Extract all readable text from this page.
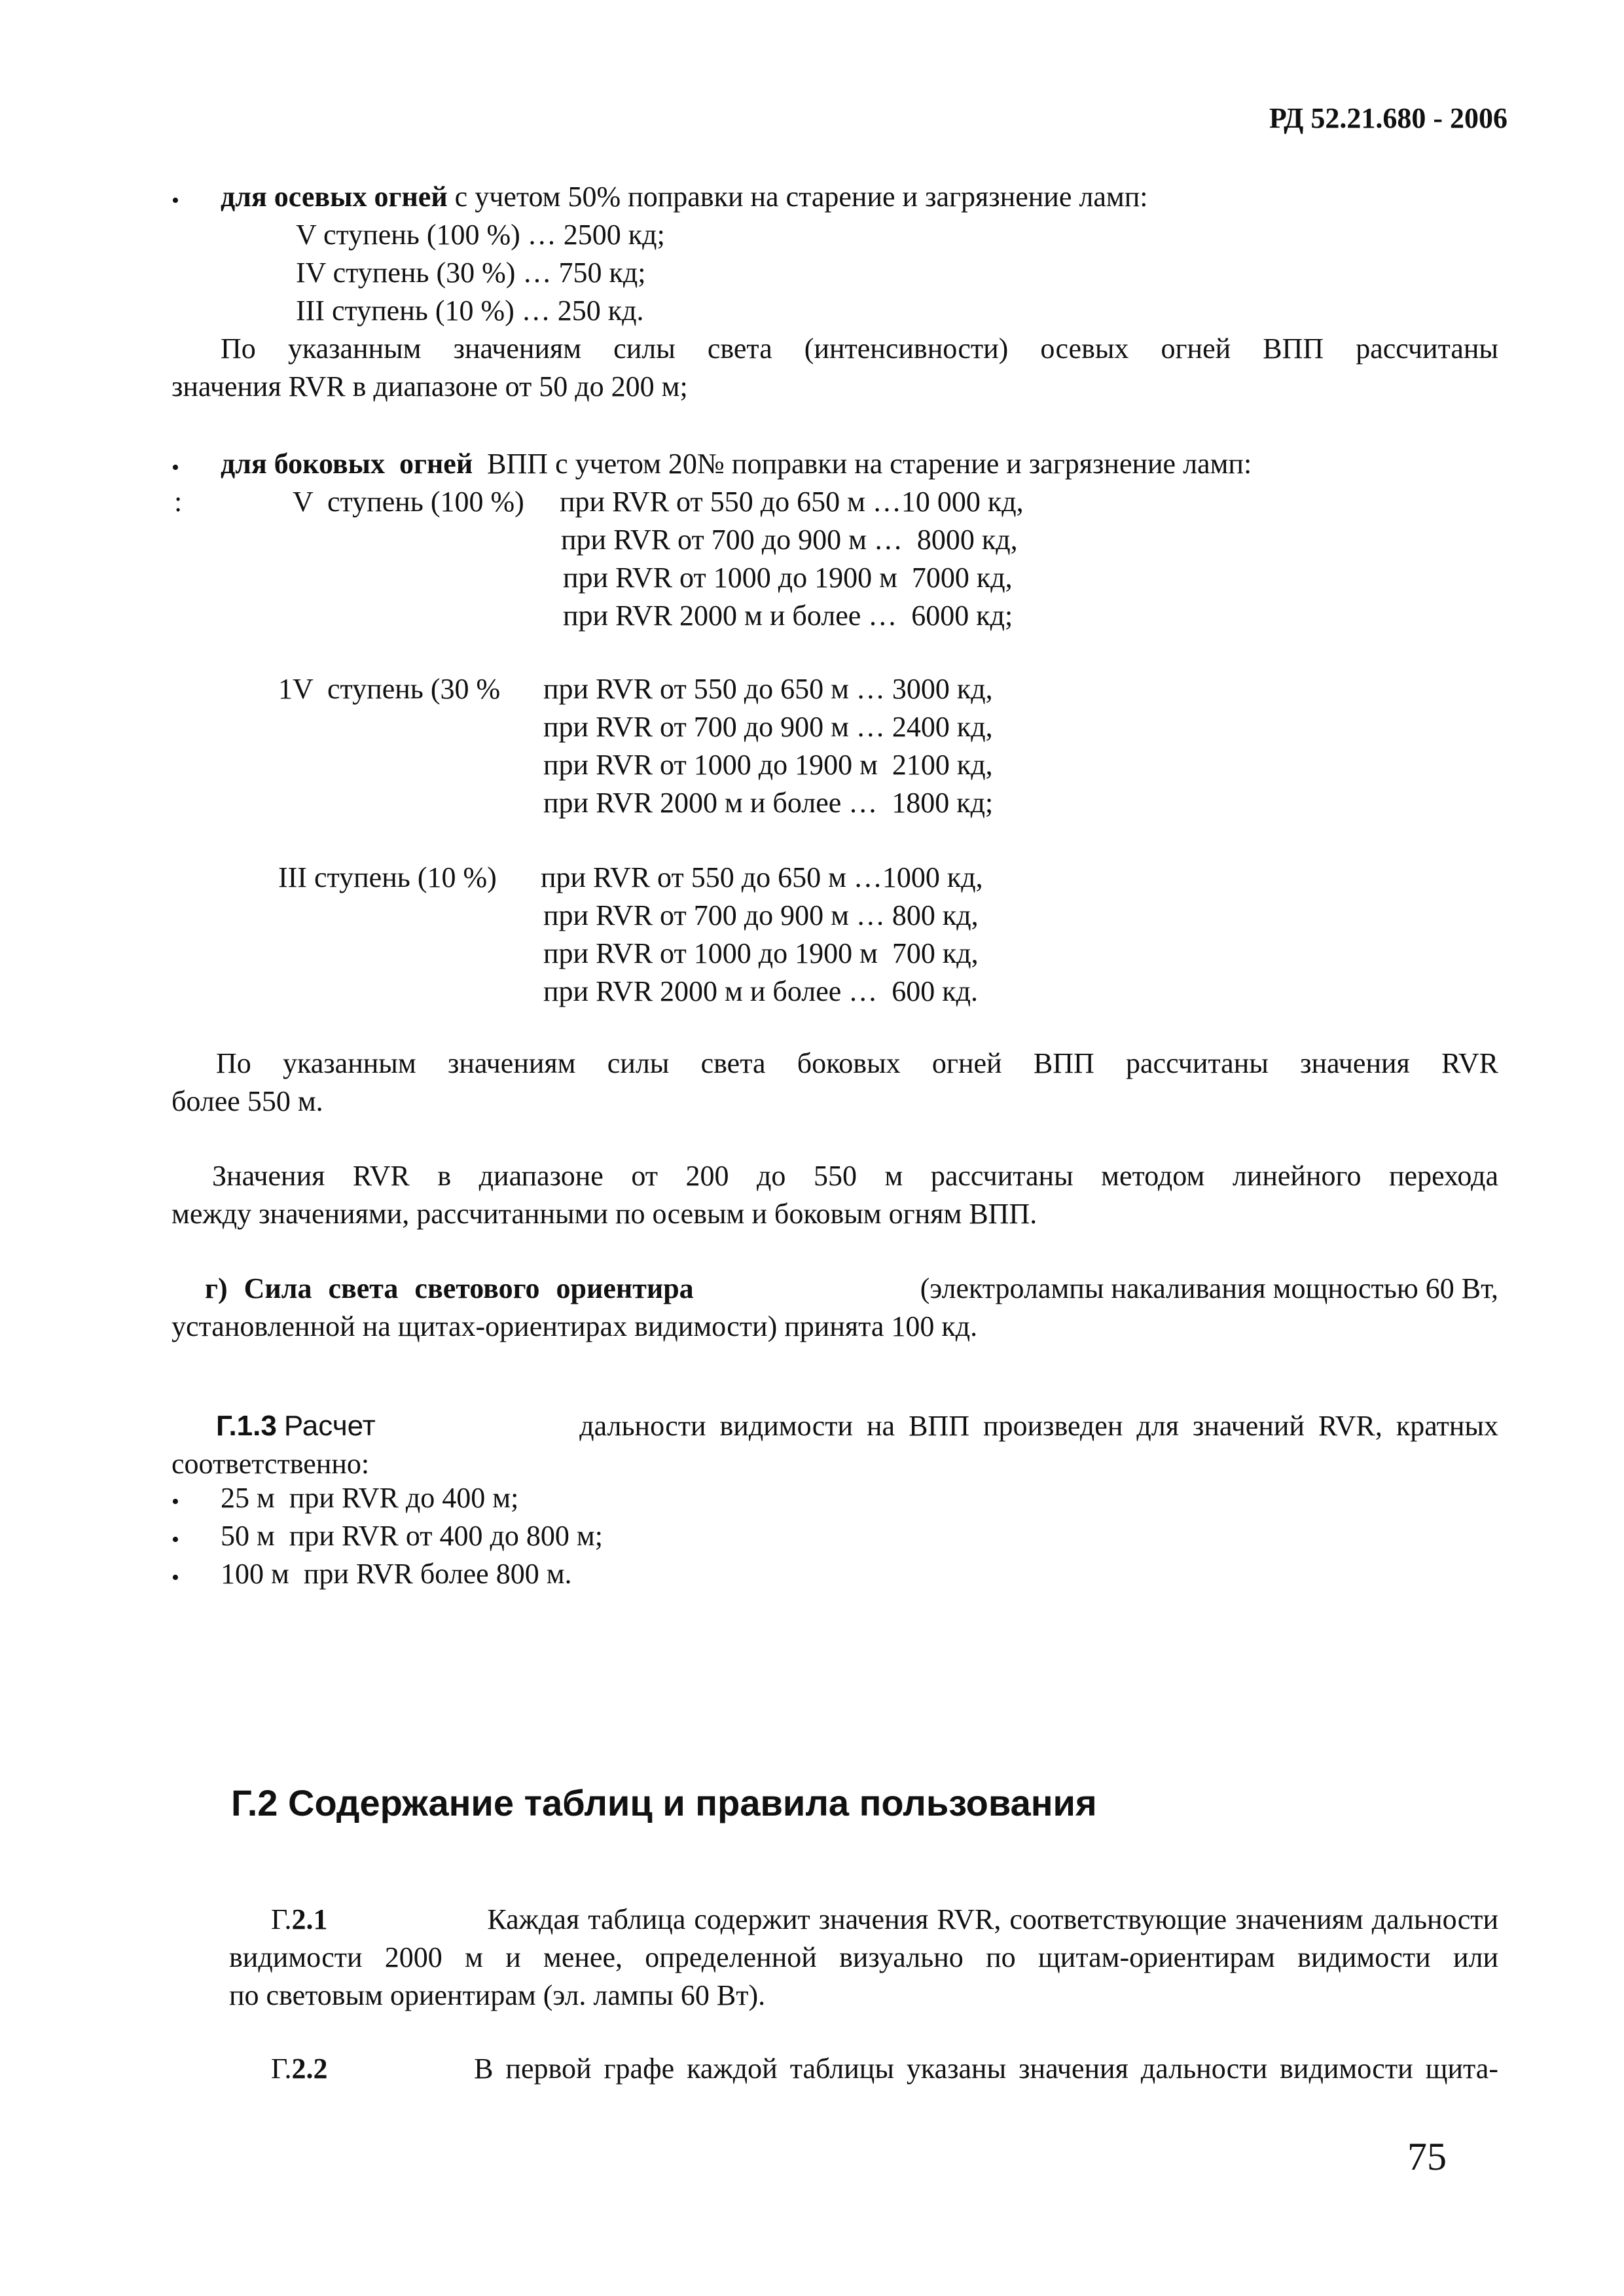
РД 52.21.680 - 2006
• для осевых огней с учетом 50% поправки на старение и загрязнение ламп:
V ступень (100 %) … 2500 кд;
IV ступень (30 %) … 750 кд;
III ступень (10 %) … 250 кд.
По указанным значениям силы света (интенсивности) осевых огней ВПП рассчитаны
значения RVR в диапазоне от 50 до 200 м;
• для боковых  огней  ВПП с учетом 20№ поправки на старение и загрязнение ламп:
:	V  ступень (100 %) при RVR от 550 до 650 м …10 000 кд,
при RVR от 700 до 900 м …  8000 кд,
при RVR от 1000 до 1900 м  7000 кд,
при RVR 2000 м и более …  6000 кд;
1V  ступень (30 % при RVR от 550 до 650 м … 3000 кд,
при RVR от 700 до 900 м … 2400 кд,
при RVR от 1000 до 1900 м  2100 кд,
при RVR 2000 м и более …  1800 кд;
III ступень (10 %) при RVR от 550 до 650 м …1000 кд,
при RVR от 700 до 900 м … 800 кд,
при RVR от 1000 до 1900 м  700 кд,
при RVR 2000 м и более …  600 кд.
По указанным значениям силы света боковых огней ВПП рассчитаны значения RVR
более 550 м.
Значения RVR в диапазоне от 200 до 550 м рассчитаны методом линейного перехода
между значениями, рассчитанными по осевым и боковым огням ВПП.
г) Сила света светового ориентира	(электролампы накаливания мощностью 60 Вт,
установленной на щитах-ориентирах видимости) принята 100 кд.
Г.1.3 Расчет	дальности видимости на ВПП произведен для значений RVR, кратных
соответственно:
• 25 м  при RVR до 400 м;
• 50 м  при RVR от 400 до 800 м;
• 100 м  при RVR более 800 м.
Г.2 Содержание таблиц и правила пользования
Г.2.1	Каждая таблица содержит значения RVR, соответствующие значениям дальности
видимости 2000 м и менее, определенной визуально по щитам-ориентирам видимости или
по световым ориентирам (эл. лампы 60 Вт).
Г.2.2	В первой графе каждой таблицы указаны значения дальности видимости щита-
75
